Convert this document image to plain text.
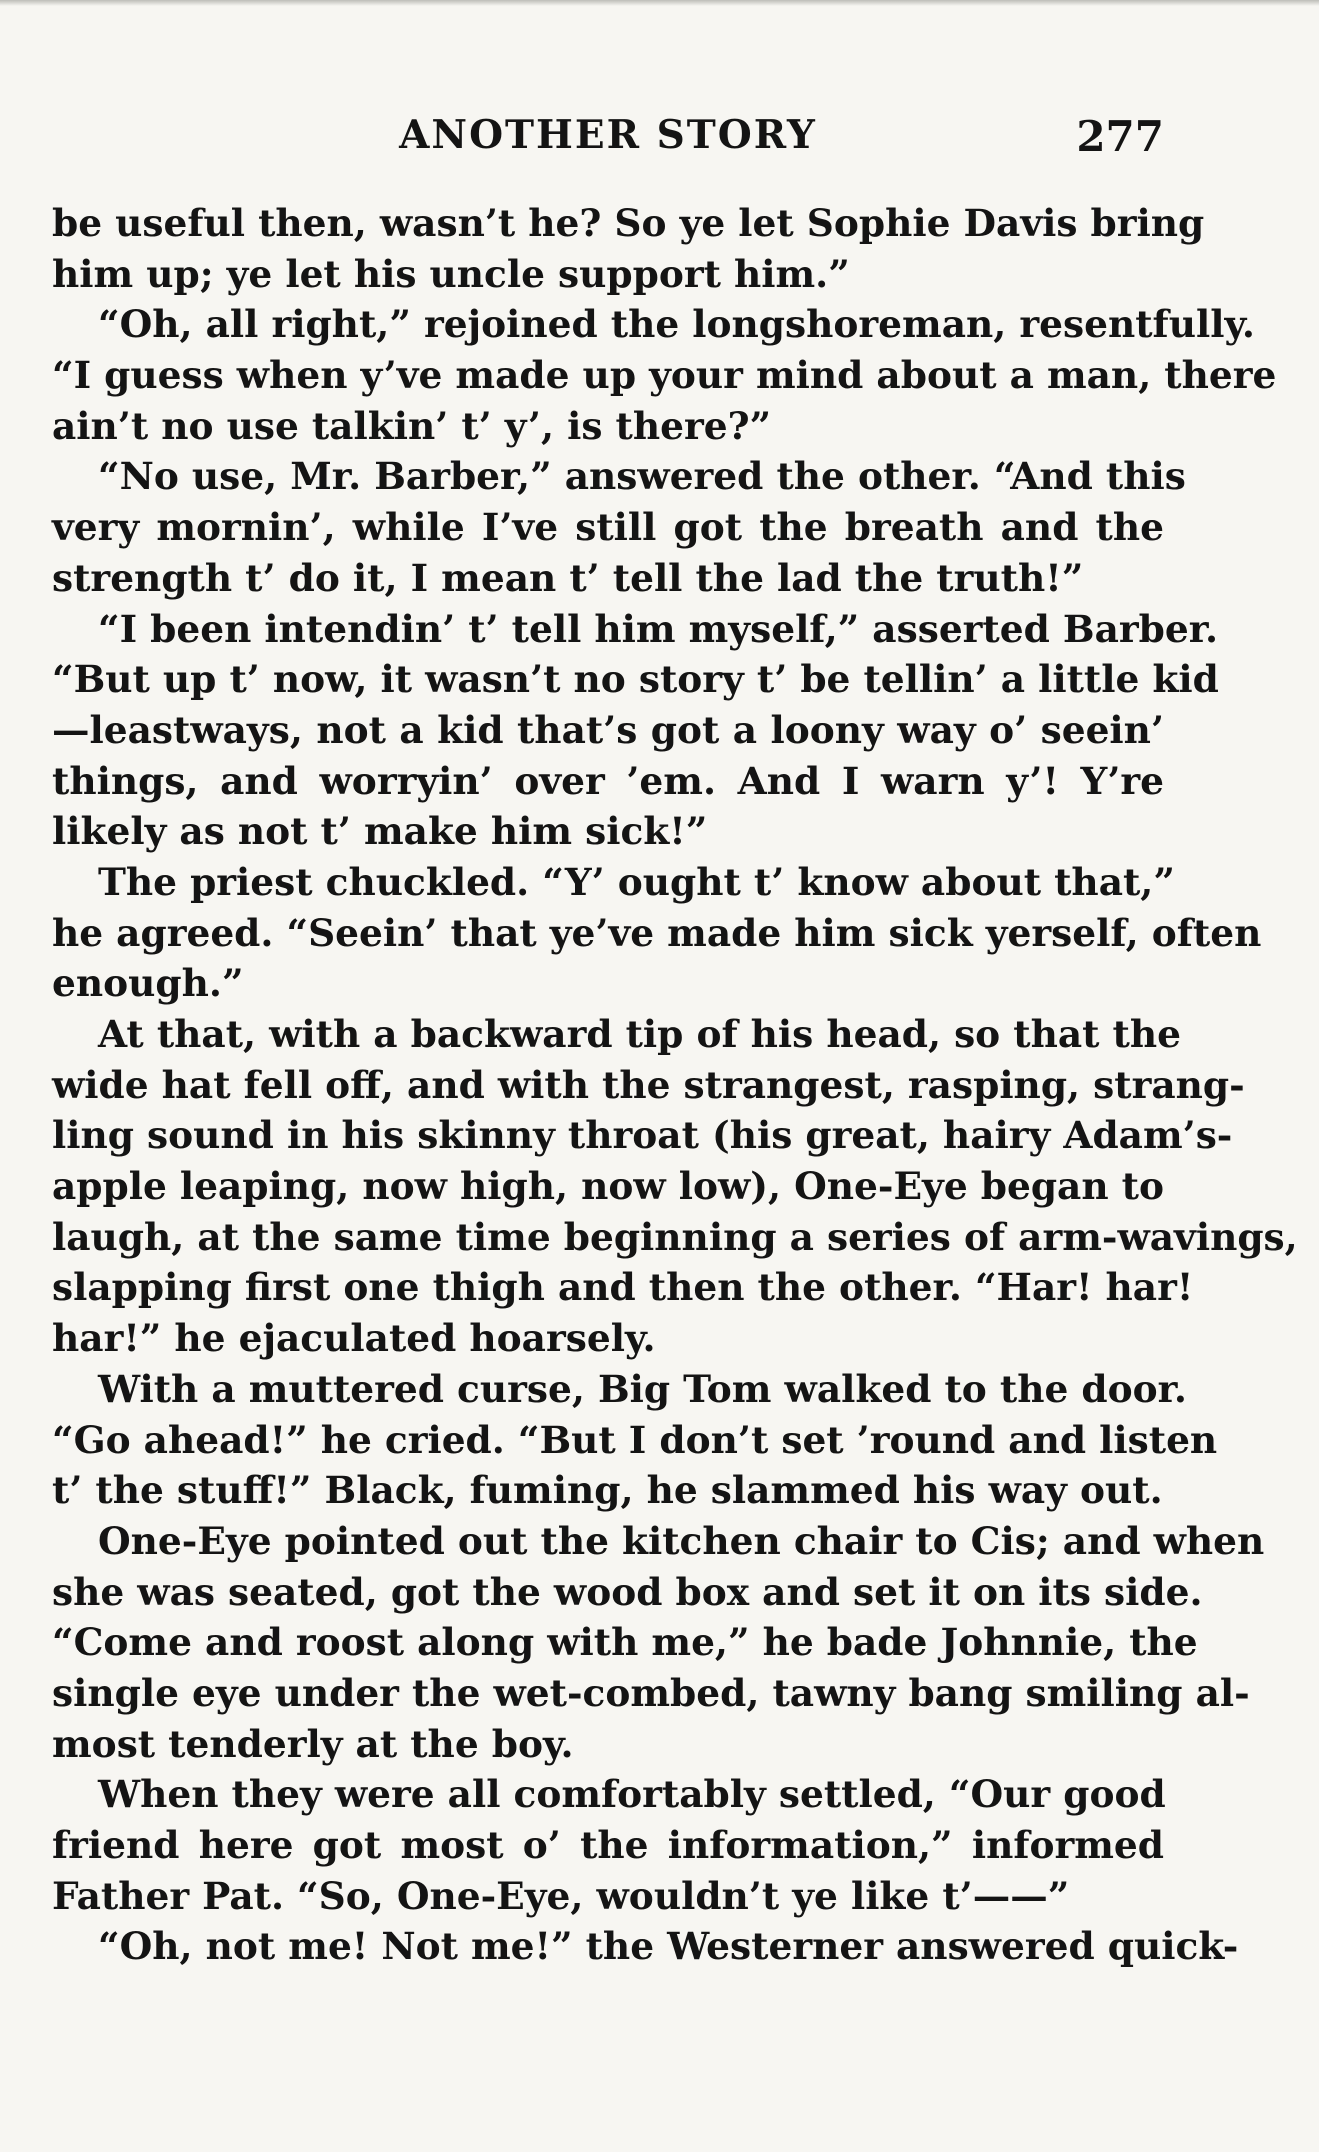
ANOTHER STORY	277
be useful then, wasn’t he? So ye let Sophie Davis bring
him up; ye let his uncle support him.”
“Oh, all right,” rejoined the longshoreman, resentfully.
“I guess when y’ve made up your mind about a man, there
ain’t no use talkin’ t’ y’, is there?”
“No use, Mr. Barber,” answered the other. “And this
very mornin’, while I’ve still got the breath and the
strength t’ do it, I mean t’ tell the lad the truth!”
“I been intendin’ t’ tell him myself,” asserted Barber.
“But up t’ now, it wasn’t no story t’ be tellin’ a little kid
—leastways, not a kid that’s got a loony way o’ seein’
things, and worryin’ over ’em. And I warn y’! Y’re
likely as not t’ make him sick!”
The priest chuckled. “Y’ ought t’ know about that,”
he agreed. “Seein’ that ye’ve made him sick yerself, often
enough.”
At that, with a backward tip of his head, so that the
wide hat fell off, and with the strangest, rasping, strang-
ling sound in his skinny throat (his great, hairy Adam’s-
apple leaping, now high, now low), One-Eye began to
laugh, at the same time beginning a series of arm-wavings,
slapping first one thigh and then the other. “Har! har!
har!” he ejaculated hoarsely.
With a muttered curse, Big Tom walked to the door.
“Go ahead!” he cried. “But I don’t set ’round and listen
t’ the stuff!” Black, fuming, he slammed his way out.
One-Eye pointed out the kitchen chair to Cis; and when
she was seated, got the wood box and set it on its side.
“Come and roost along with me,” he bade Johnnie, the
single eye under the wet-combed, tawny bang smiling al-
most tenderly at the boy.
When they were all comfortably settled, “Our good
friend here got most o’ the information,” informed
Father Pat. “So, One-Eye, wouldn’t ye like t’——”
“Oh, not me! Not me!” the Westerner answered quick-
